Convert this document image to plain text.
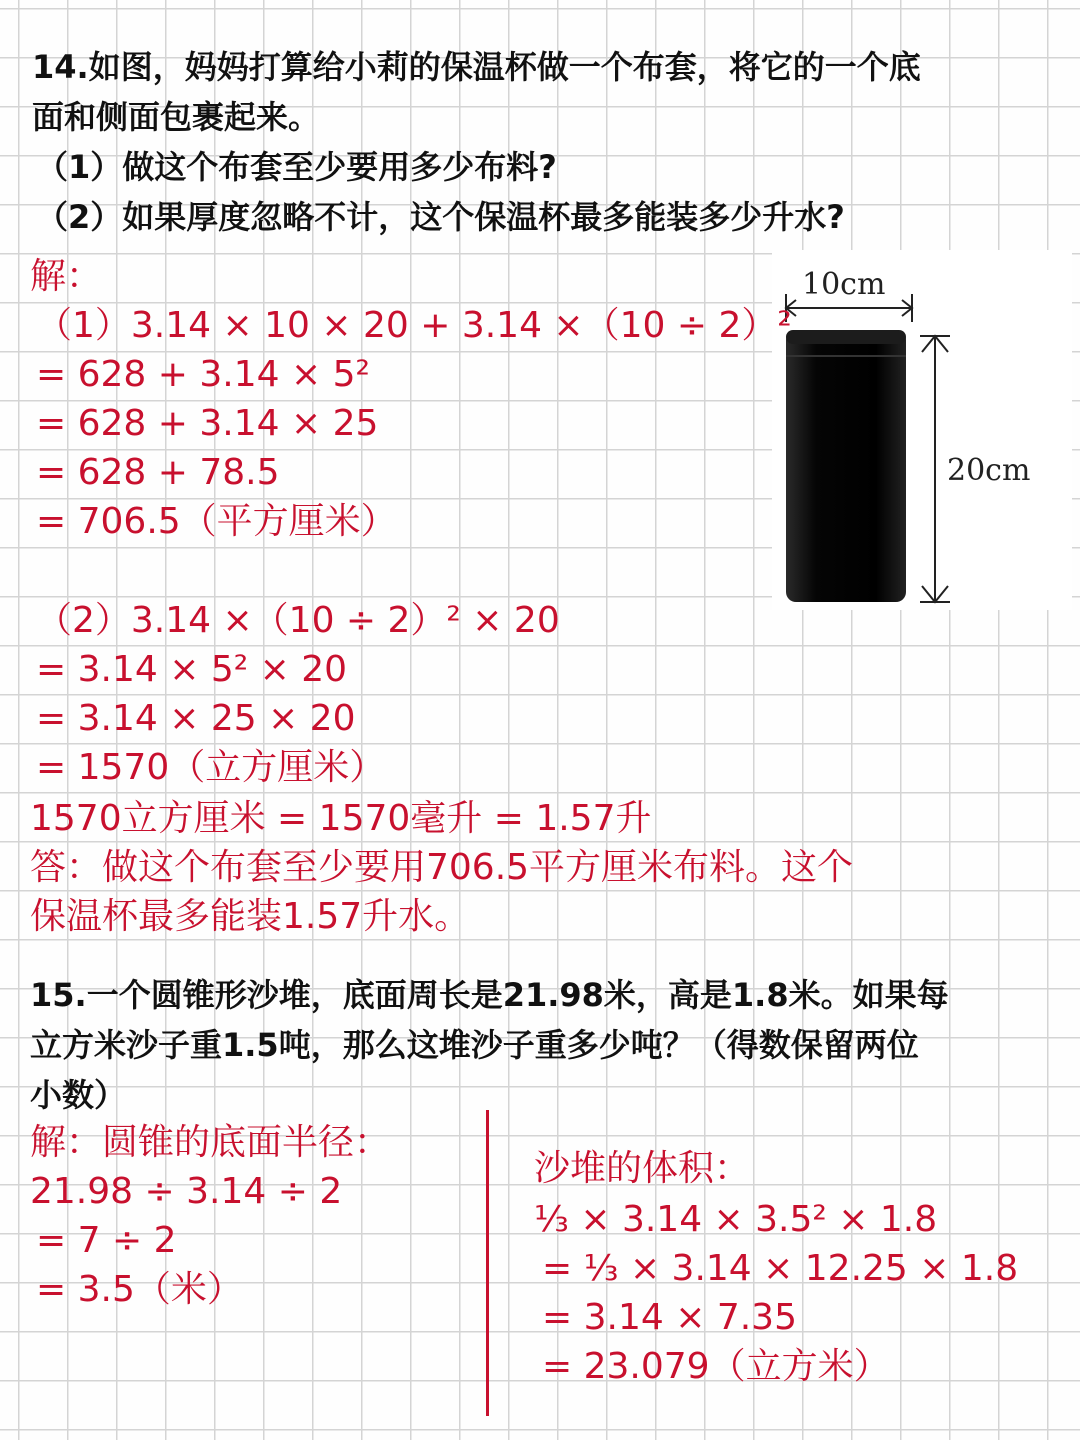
14.如图，妈妈打算给小莉的保温杯做一个布套，将它的一个底
面和侧面包裹起来。
（1）做这个布套至少要用多少布料?
（2）如果厚度忽略不计，这个保温杯最多能装多少升水?
10cm
20cm
解：
（1）3.14 × 10 × 20 + 3.14 ×（10 ÷ 2）²
= 628 + 3.14 × 5²
= 628 + 3.14 × 25
= 628 + 78.5
= 706.5（平方厘米）
（2）3.14 ×（10 ÷ 2）² × 20
= 3.14 × 5² × 20
= 3.14 × 25 × 20
= 1570（立方厘米）
1570立方厘米 = 1570毫升 = 1.57升
答：做这个布套至少要用706.5平方厘米布料。这个
保温杯最多能装1.57升水。
15.一个圆锥形沙堆，底面周长是21.98米，高是1.8米。如果每
立方米沙子重1.5吨，那么这堆沙子重多少吨？（得数保留两位
小数）
解：圆锥的底面半径：
21.98 ÷ 3.14 ÷ 2
= 7 ÷ 2
= 3.5（米）
沙堆的体积：
⅓ × 3.14 × 3.5² × 1.8
= ⅓ × 3.14 × 12.25 × 1.8
= 3.14 × 7.35
= 23.079（立方米）
